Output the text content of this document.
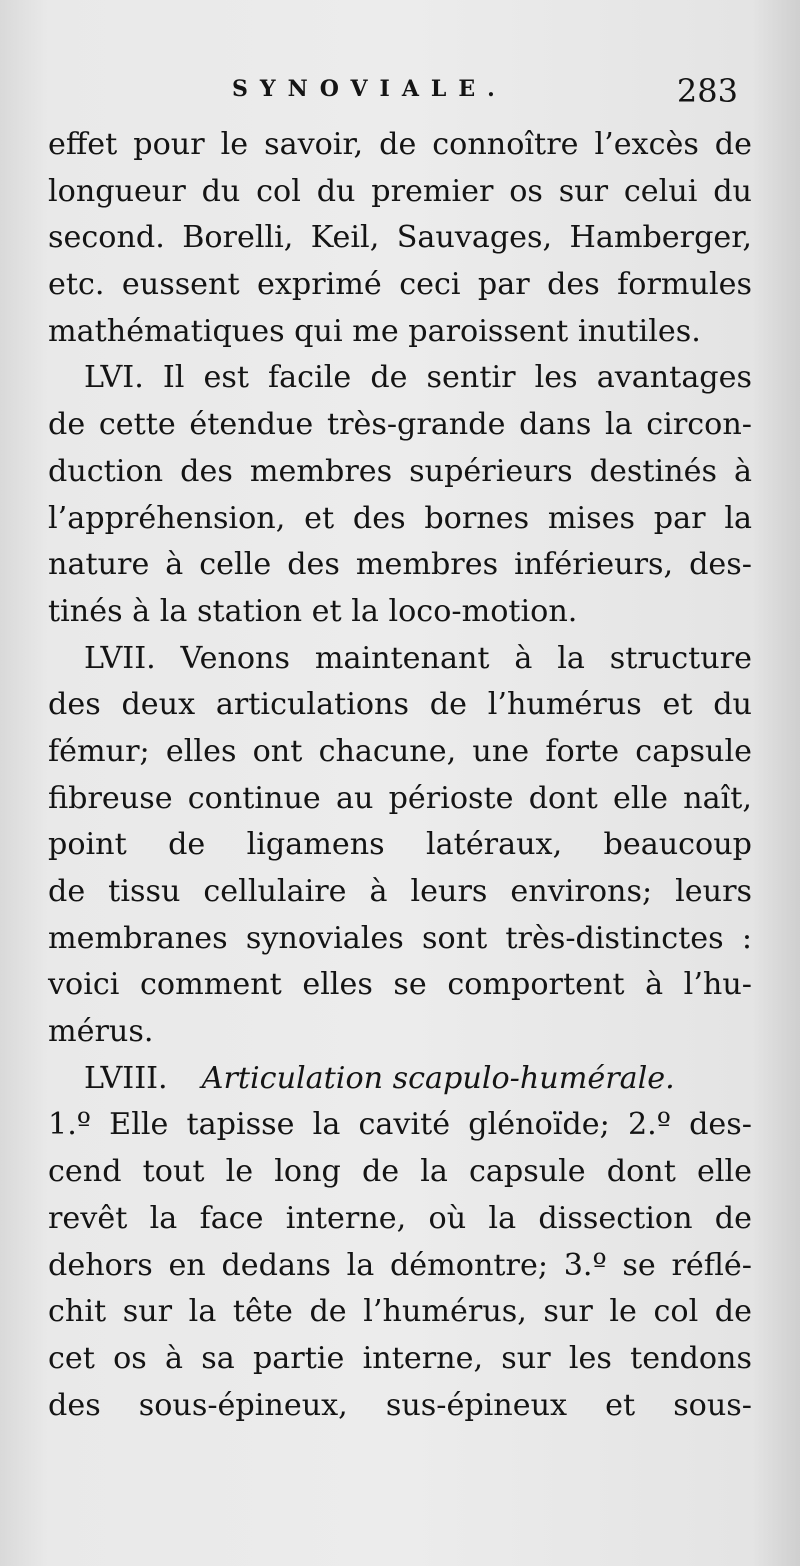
SYNOVIALE.	283
effet pour le savoir, de connoître l’excès de
longueur du col du premier os sur celui du
second. Borelli, Keil, Sauvages, Hamberger,
etc. eussent exprimé ceci par des formules
mathématiques qui me paroissent inutiles.
LVI. Il est facile de sentir les avantages
de cette étendue très-grande dans la circon-
duction des membres supérieurs destinés à
l’appréhension, et des bornes mises par la
nature à celle des membres inférieurs, des-
tinés à la station et la loco-motion.
LVII. Venons maintenant à la structure
des deux articulations de l’humérus et du
fémur; elles ont chacune, une forte capsule
fibreuse continue au périoste dont elle naît,
point de ligamens latéraux, beaucoup
de tissu cellulaire à leurs environs; leurs
membranes synoviales sont très-distinctes :
voici comment elles se comportent à l’hu-
mérus.
LVIII. Articulation scapulo-humérale.
1.º Elle tapisse la cavité glénoïde; 2.º des-
cend tout le long de la capsule dont elle
revêt la face interne, où la dissection de
dehors en dedans la démontre; 3.º se réflé-
chit sur la tête de l’humérus, sur le col de
cet os à sa partie interne, sur les tendons
des sous-épineux, sus-épineux et sous-
